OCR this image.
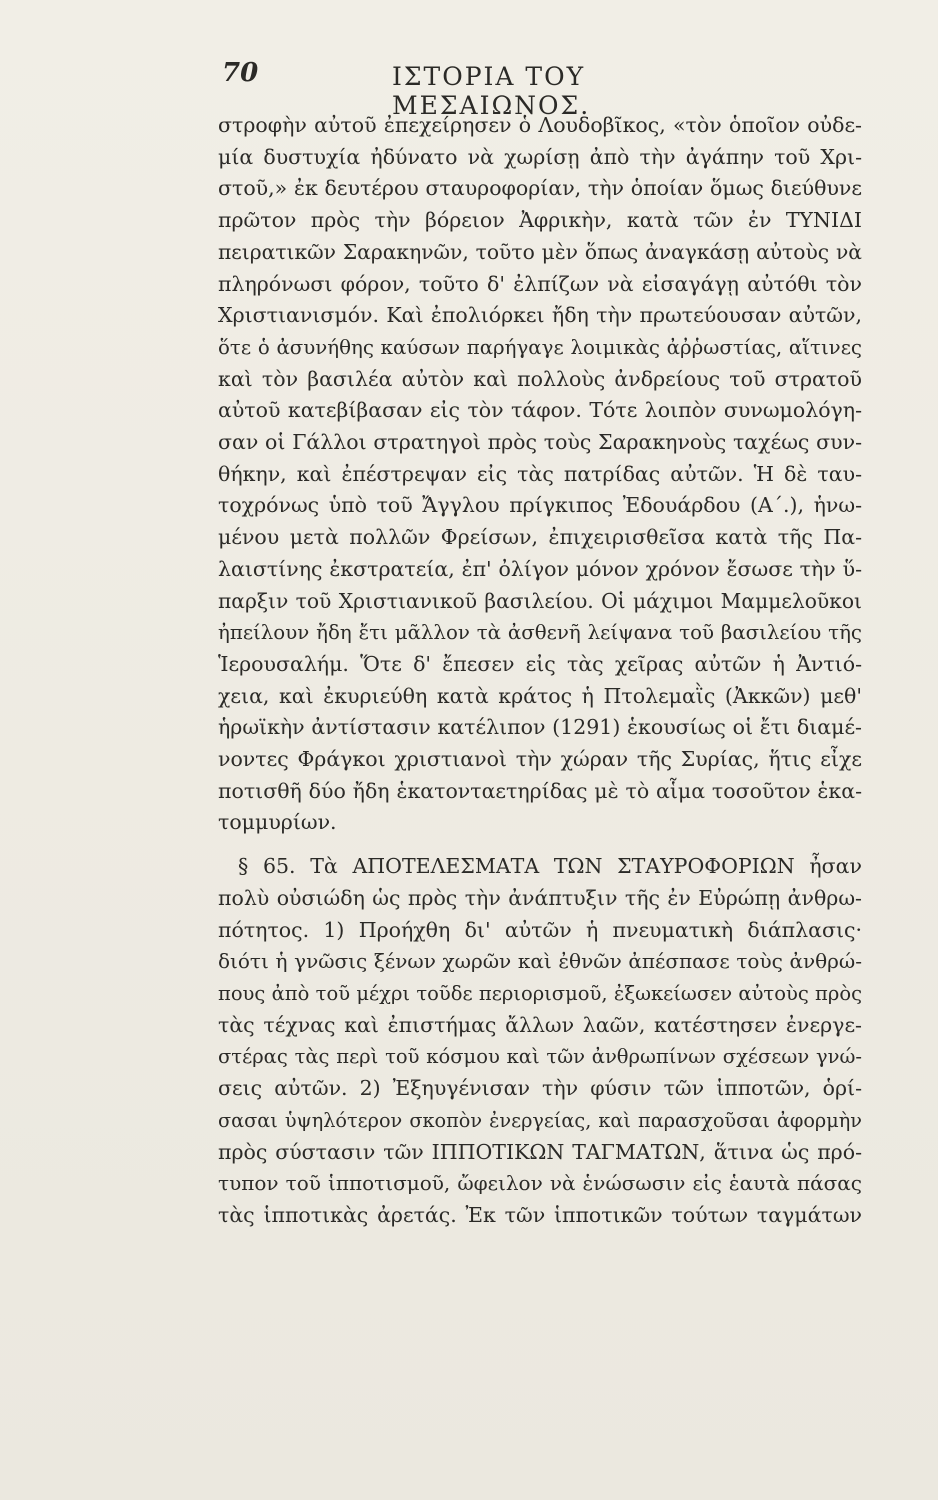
70	ΙΣΤΟΡΙΑ ΤΟΥ ΜΕΣΑΙΩΝΟΣ.
στροφὴν αὐτοῦ ἐπεχείρησεν ὁ Λουδοβῖκος, «τὸν ὁποῖον οὐδε-
μία δυστυχία ἠδύνατο νὰ χωρίσῃ ἀπὸ τὴν ἀγάπην τοῦ Χρι-
στοῦ,» ἐκ δευτέρου σταυροφορίαν, τὴν ὁποίαν ὅμως διεύθυνε
πρῶτον πρὸς τὴν βόρειον Ἀφρικὴν, κατὰ τῶν ἐν ΤΥΝΙΔΙ
πειρατικῶν Σαρακηνῶν, τοῦτο μὲν ὅπως ἀναγκάσῃ αὐτοὺς νὰ
πληρόνωσι φόρον, τοῦτο δ' ἐλπίζων νὰ εἰσαγάγῃ αὐτόθι τὸν
Χριστιανισμόν. Καὶ ἐπολιόρκει ἤδη τὴν πρωτεύουσαν αὐτῶν,
ὅτε ὁ ἀσυνήθης καύσων παρήγαγε λοιμικὰς ἀῤῥωστίας, αἵτινες
καὶ τὸν βασιλέα αὐτὸν καὶ πολλοὺς ἀνδρείους τοῦ στρατοῦ
αὐτοῦ κατεβίβασαν εἰς τὸν τάφον. Τότε λοιπὸν συνωμολόγη-
σαν οἱ Γάλλοι στρατηγοὶ πρὸς τοὺς Σαρακηνοὺς ταχέως συν-
θήκην, καὶ ἐπέστρεψαν εἰς τὰς πατρίδας αὐτῶν. Ἡ δὲ ταυ-
τοχρόνως ὑπὸ τοῦ Ἄγγλου πρίγκιπος Ἐδουάρδου (Α΄.), ἡνω-
μένου μετὰ πολλῶν Φρείσων, ἐπιχειρισθεῖσα κατὰ τῆς Πα-
λαιστίνης ἐκστρατεία, ἐπ' ὀλίγον μόνον χρόνον ἔσωσε τὴν ὕ-
παρξιν τοῦ Χριστιανικοῦ βασιλείου. Οἱ μάχιμοι Μαμμελοῦκοι
ἠπείλουν ἤδη ἔτι μᾶλλον τὰ ἀσθενῆ λείψανα τοῦ βασιλείου τῆς
Ἱερουσαλήμ. Ὅτε δ' ἔπεσεν εἰς τὰς χεῖρας αὐτῶν ἡ Ἀντιό-
χεια, καὶ ἐκυριεύθη κατὰ κράτος ἡ Πτολεμαῒς (Ἀκκῶν) μεθ'
ἡρωϊκὴν ἀντίστασιν κατέλιπον (1291) ἑκουσίως οἱ ἔτι διαμέ-
νοντες Φράγκοι χριστιανοὶ τὴν χώραν τῆς Συρίας, ἥτις εἶχε
ποτισθῆ δύο ἤδη ἑκατονταετηρίδας μὲ τὸ αἷμα τοσοῦτον ἑκα-
τομμυρίων.
§ 65. Τὰ ΑΠΟΤΕΛΕΣΜΑΤΑ ΤΩΝ ΣΤΑΥΡΟΦΟΡΙΩΝ ἦσαν
πολὺ οὐσιώδη ὡς πρὸς τὴν ἀνάπτυξιν τῆς ἐν Εὐρώπῃ ἀνθρω-
πότητος. 1) Προήχθη δι' αὐτῶν ἡ πνευματικὴ διάπλασις·
διότι ἡ γνῶσις ξένων χωρῶν καὶ ἐθνῶν ἀπέσπασε τοὺς ἀνθρώ-
πους ἀπὸ τοῦ μέχρι τοῦδε περιορισμοῦ, ἐξωκείωσεν αὐτοὺς πρὸς
τὰς τέχνας καὶ ἐπιστήμας ἄλλων λαῶν, κατέστησεν ἐνεργε-
στέρας τὰς περὶ τοῦ κόσμου καὶ τῶν ἀνθρωπίνων σχέσεων γνώ-
σεις αὐτῶν. 2) Ἐξηυγένισαν τὴν φύσιν τῶν ἱπποτῶν, ὁρί-
σασαι ὑψηλότερον σκοπὸν ἐνεργείας, καὶ παρασχοῦσαι ἀφορμὴν
πρὸς σύστασιν τῶν ΙΠΠΟΤΙΚΩΝ ΤΑΓΜΑΤΩΝ, ἅτινα ὡς πρό-
τυπον τοῦ ἱπποτισμοῦ, ὤφειλον νὰ ἑνώσωσιν εἰς ἑαυτὰ πάσας
τὰς ἱπποτικὰς ἀρετάς. Ἐκ τῶν ἱπποτικῶν τούτων ταγμάτων
